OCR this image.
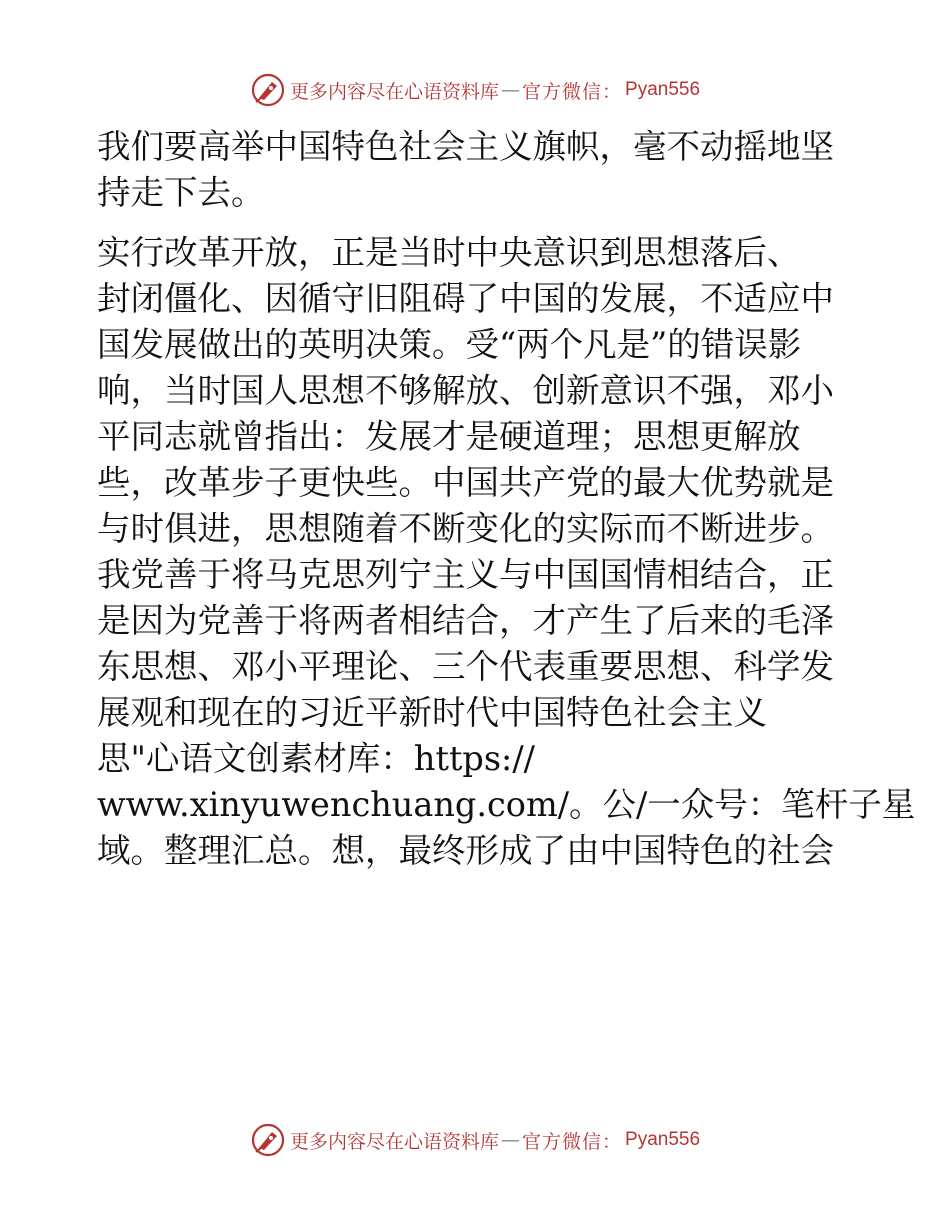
更多内容尽在心语资料库 — 官方微信 ： Pyan556
我们要高举中国特色社会主义旗帜，毫不动摇地坚
持走下去。
实行改革开放，正是当时中央意识到思想落后、
封闭僵化、因循守旧阻碍了中国的发展，不适应中
国发展做出的英明决策。受“两个凡是”的错误影
响，当时国人思想不够解放、创新意识不强，邓小
平同志就曾指出：发展才是硬道理；思想更解放
些，改革步子更快些。中国共产党的最大优势就是
与时俱进，思想随着不断变化的实际而不断进步。
我党善于将马克思列宁主义与中国国情相结合，正
是因为党善于将两者相结合，才产生了后来的毛泽
东思想、邓小平理论、三个代表重要思想、科学发
展观和现在的习近平新时代中国特色社会主义
思"心语文创素材库：https://
www.xinyuwenchuang.com/。公/一众号：笔杆子星
域。整理汇总。想，最终形成了由中国特色的社会
更多内容尽在心语资料库 — 官方微信 ： Pyan556
